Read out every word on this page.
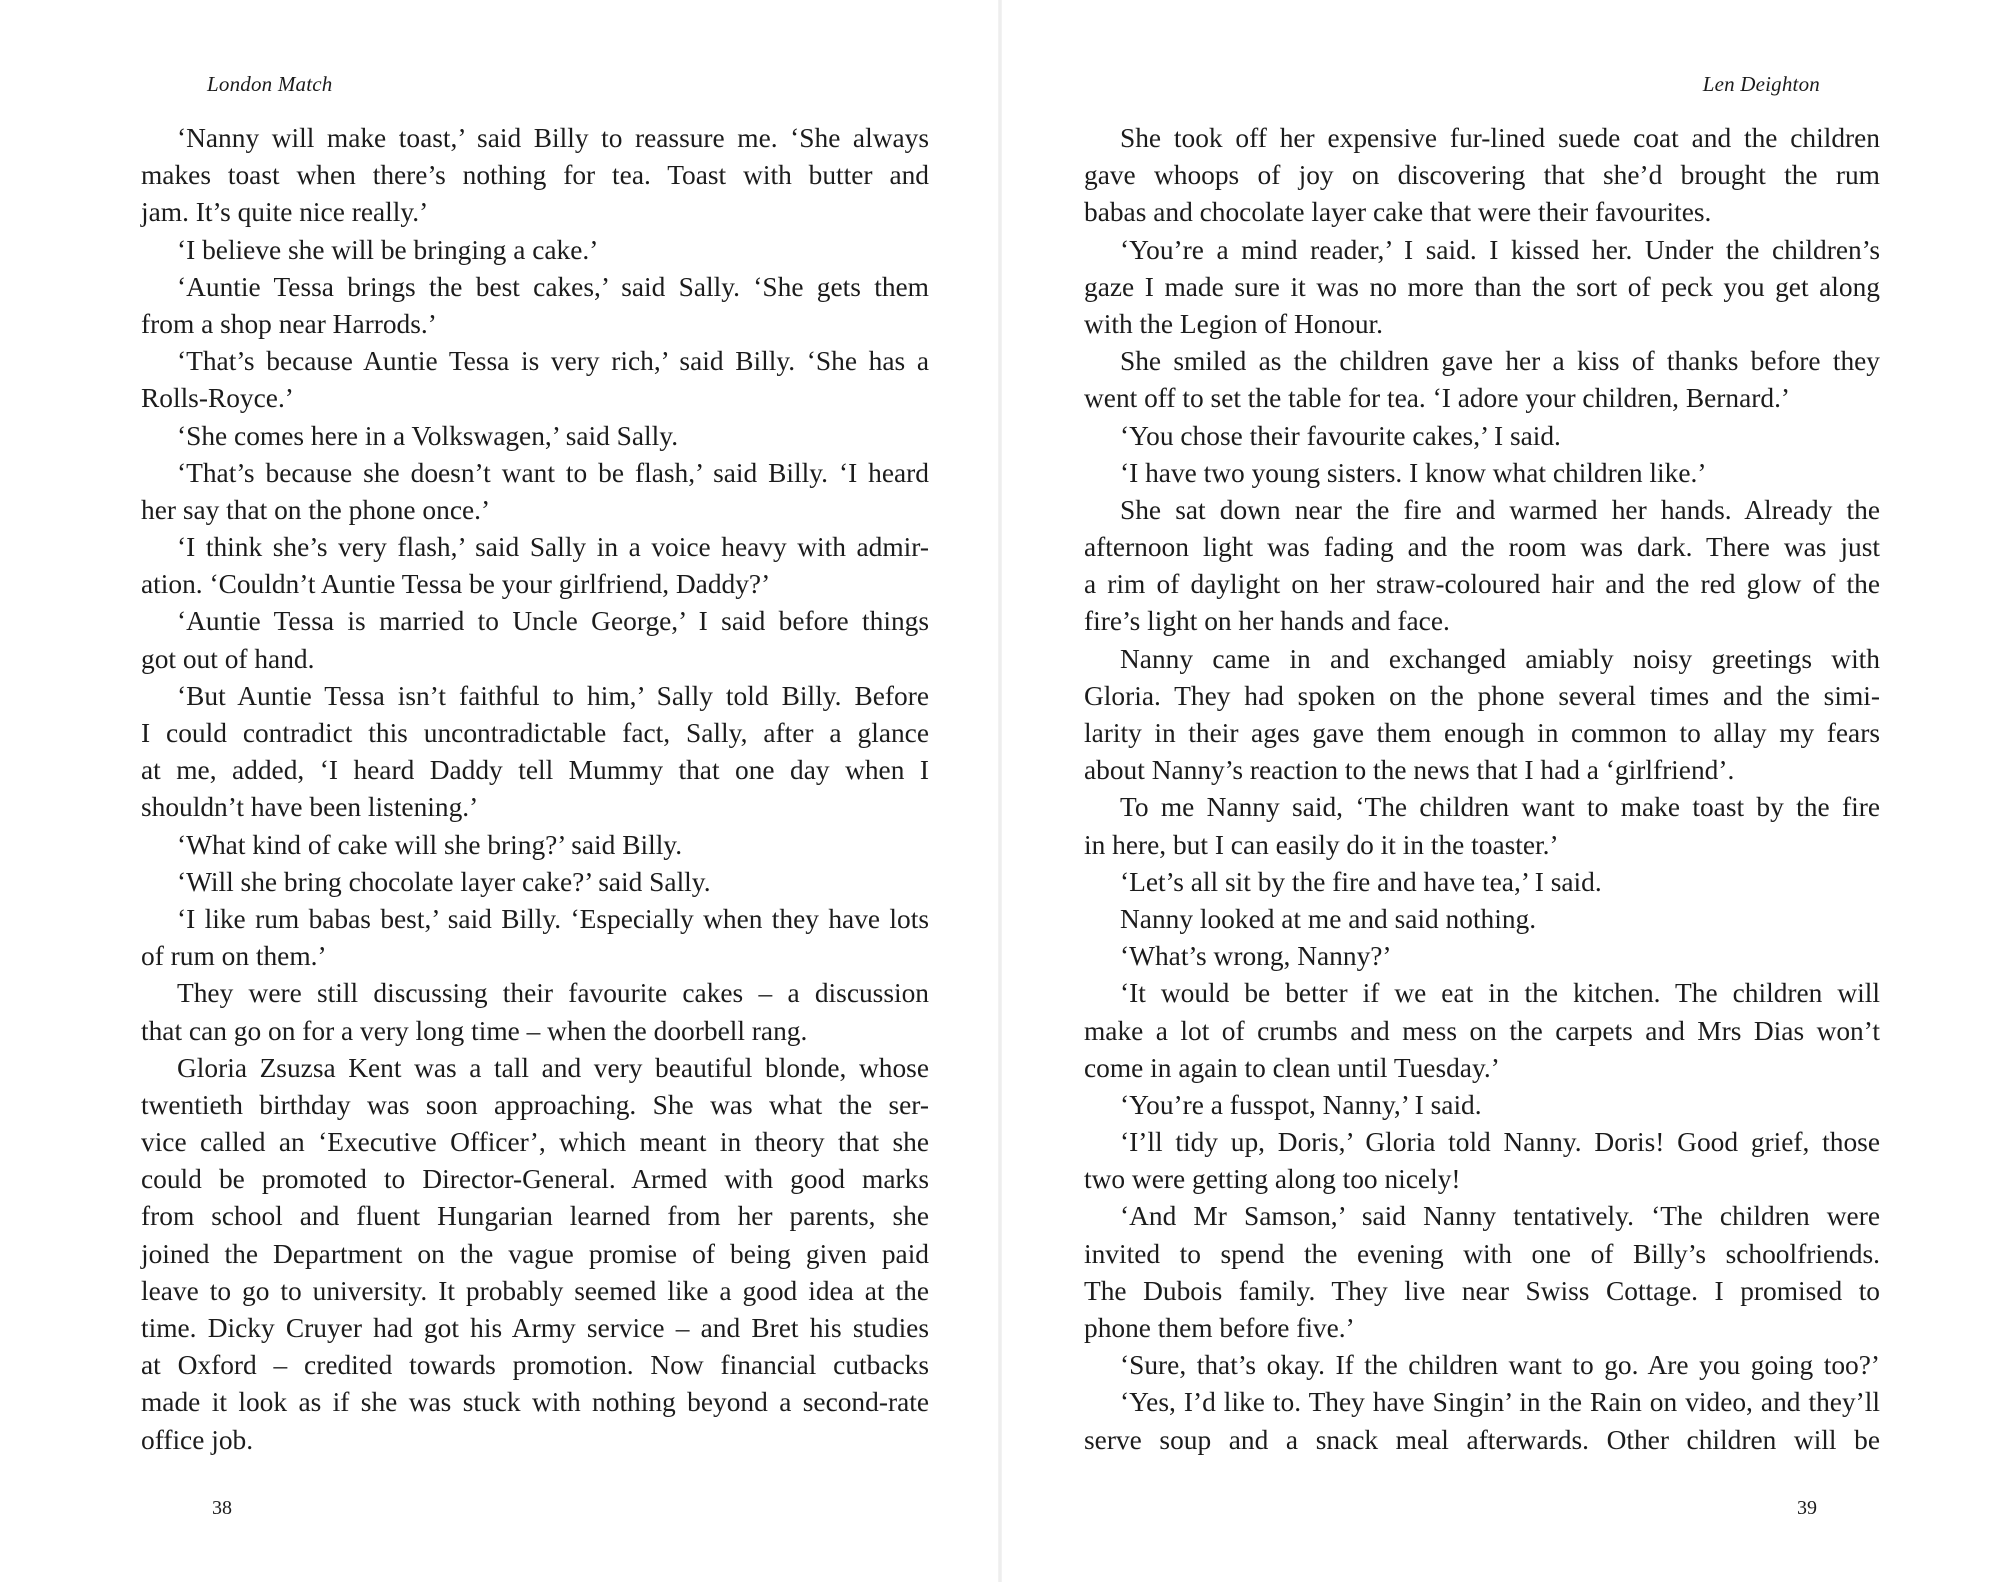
London Match
‘Nanny will make toast,’ said Billy to reassure me. ‘She always
makes toast when there’s nothing for tea. Toast with butter and
jam. It’s quite nice really.’
‘I believe she will be bringing a cake.’
‘Auntie Tessa brings the best cakes,’ said Sally. ‘She gets them
from a shop near Harrods.’
‘That’s because Auntie Tessa is very rich,’ said Billy. ‘She has a
Rolls-Royce.’
‘She comes here in a Volkswagen,’ said Sally.
‘That’s because she doesn’t want to be flash,’ said Billy. ‘I heard
her say that on the phone once.’
‘I think she’s very flash,’ said Sally in a voice heavy with admir-
ation. ‘Couldn’t Auntie Tessa be your girlfriend, Daddy?’
‘Auntie Tessa is married to Uncle George,’ I said before things
got out of hand.
‘But Auntie Tessa isn’t faithful to him,’ Sally told Billy. Before
I could contradict this uncontradictable fact, Sally, after a glance
at me, added, ‘I heard Daddy tell Mummy that one day when I
shouldn’t have been listening.’
‘What kind of cake will she bring?’ said Billy.
‘Will she bring chocolate layer cake?’ said Sally.
‘I like rum babas best,’ said Billy. ‘Especially when they have lots
of rum on them.’
They were still discussing their favourite cakes – a discussion
that can go on for a very long time – when the doorbell rang.
Gloria Zsuzsa Kent was a tall and very beautiful blonde, whose
twentieth birthday was soon approaching. She was what the ser-
vice called an ‘Executive Officer’, which meant in theory that she
could be promoted to Director-General. Armed with good marks
from school and fluent Hungarian learned from her parents, she
joined the Department on the vague promise of being given paid
leave to go to university. It probably seemed like a good idea at the
time. Dicky Cruyer had got his Army service – and Bret his studies
at Oxford – credited towards promotion. Now financial cutbacks
made it look as if she was stuck with nothing beyond a second-rate
office job.
38
Len Deighton
She took off her expensive fur-lined suede coat and the children
gave whoops of joy on discovering that she’d brought the rum
babas and chocolate layer cake that were their favourites.
‘You’re a mind reader,’ I said. I kissed her. Under the children’s
gaze I made sure it was no more than the sort of peck you get along
with the Legion of Honour.
She smiled as the children gave her a kiss of thanks before they
went off to set the table for tea. ‘I adore your children, Bernard.’
‘You chose their favourite cakes,’ I said.
‘I have two young sisters. I know what children like.’
She sat down near the fire and warmed her hands. Already the
afternoon light was fading and the room was dark. There was just
a rim of daylight on her straw-coloured hair and the red glow of the
fire’s light on her hands and face.
Nanny came in and exchanged amiably noisy greetings with
Gloria. They had spoken on the phone several times and the simi-
larity in their ages gave them enough in common to allay my fears
about Nanny’s reaction to the news that I had a ‘girlfriend’.
To me Nanny said, ‘The children want to make toast by the fire
in here, but I can easily do it in the toaster.’
‘Let’s all sit by the fire and have tea,’ I said.
Nanny looked at me and said nothing.
‘What’s wrong, Nanny?’
‘It would be better if we eat in the kitchen. The children will
make a lot of crumbs and mess on the carpets and Mrs Dias won’t
come in again to clean until Tuesday.’
‘You’re a fusspot, Nanny,’ I said.
‘I’ll tidy up, Doris,’ Gloria told Nanny. Doris! Good grief, those
two were getting along too nicely!
‘And Mr Samson,’ said Nanny tentatively. ‘The children were
invited to spend the evening with one of Billy’s schoolfriends.
The Dubois family. They live near Swiss Cottage. I promised to
phone them before five.’
‘Sure, that’s okay. If the children want to go. Are you going too?’
‘Yes, I’d like to. They have Singin’ in the Rain on video, and they’ll
serve soup and a snack meal afterwards. Other children will be
39
